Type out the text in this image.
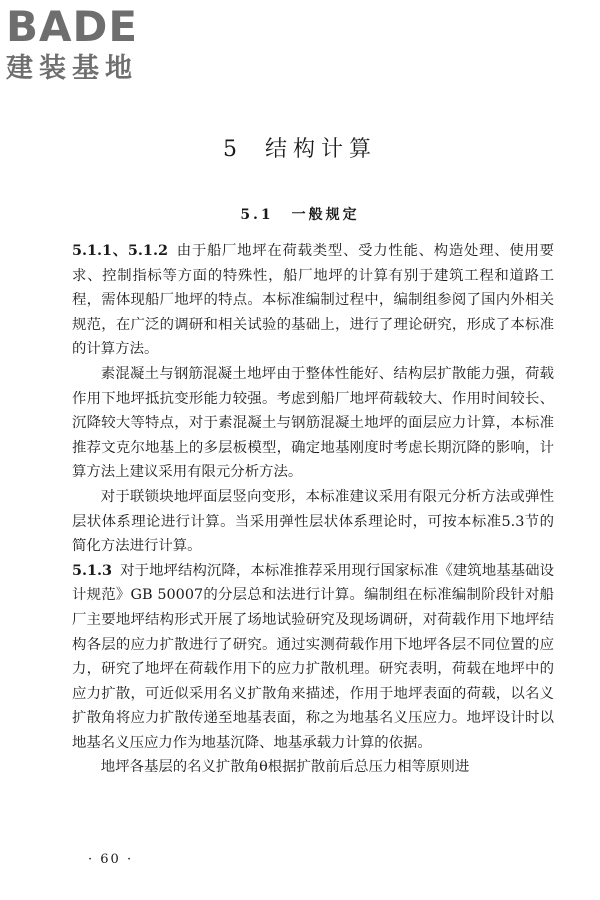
BADE
建装基地
5 结构计算
5.1 一般规定

5.1.1、5.1.2 由于船厂地坪在荷载类型、受力性能、构造处理、使用要求、控制指标等方面的特殊性，船厂地坪的计算有别于建筑工程和道路工程，需体现船厂地坪的特点。本标准编制过程中，编制组参阅了国内外相关规范，在广泛的调研和相关试验的基础上，进行了理论研究，形成了本标准的计算方法。

素混凝土与钢筋混凝土地坪由于整体性能好、结构层扩散能力强，荷载作用下地坪抵抗变形能力较强。考虑到船厂地坪荷载较大、作用时间较长、沉降较大等特点，对于素混凝土与钢筋混凝土地坪的面层应力计算，本标准推荐文克尔地基上的多层板模型，确定地基刚度时考虑长期沉降的影响，计算方法上建议采用有限元分析方法。

对于联锁块地坪面层竖向变形，本标准建议采用有限元分析方法或弹性层状体系理论进行计算。当采用弹性层状体系理论时，可按本标准5.3节的简化方法进行计算。

5.1.3 对于地坪结构沉降，本标准推荐采用现行国家标准《建筑地基基础设计规范》GB 50007的分层总和法进行计算。编制组在标准编制阶段针对船厂主要地坪结构形式开展了场地试验研究及现场调研，对荷载作用下地坪结构各层的应力扩散进行了研究。通过实测荷载作用下地坪各层不同位置的应力，研究了地坪在荷载作用下的应力扩散机理。研究表明，荷载在地坪中的应力扩散，可近似采用名义扩散角来描述，作用于地坪表面的荷载，以名义扩散角将应力扩散传递至地基表面，称之为地基名义压应力。地坪设计时以地基名义压应力作为地基沉降、地基承载力计算的依据。

地坪各基层的名义扩散角θ根据扩散前后总压力相等原则进

· 60 ·
